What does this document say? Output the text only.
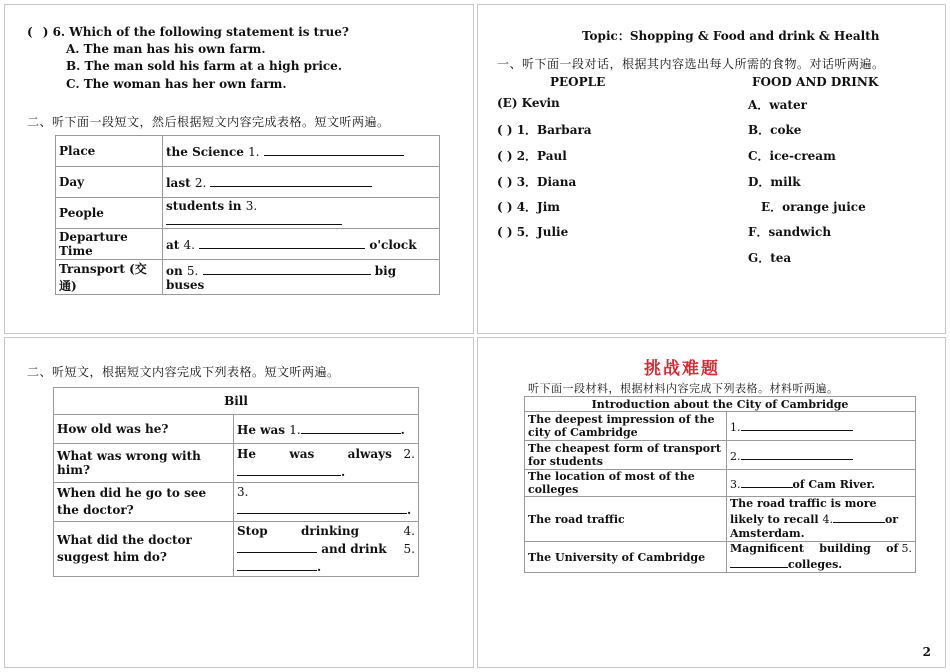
( ) 6. Which of the following statement is true?
A. The man has his own farm.
B. The man sold his farm at a high price.
C. The woman has her own farm.
二、听下面一段短文，然后根据短文内容完成表格。短文听两遍。
Place	the Science 1.
Day	last 2.
People	students in 3.
Departure Time	at 4. o'clock
Transport (交通)	on 5. big buses
Topic：Shopping & Food and drink & Health
一、听下面一段对话，根据其内容选出每人所需的食物。对话听两遍。
PEOPLE	FOOD AND DRINK
(E) Kevin
( ) 1．Barbara
( ) 2．Paul
( ) 3．Diana
( ) 4．Jim
( ) 5．Julie
A．water
B．coke
C．ice-cream
D．milk
E．orange juice
F．sandwich
G．tea
二、听短文，根据短文内容完成下列表格。短文听两遍。
Bill	
How old was he?	He was 1. .
What was wrong with him?	He        was        always 2.

.
When did he go to see the doctor?	3.
.
What did the doctor suggest him do?	Stop        drinking 4.

and drink 5.

.
挑战难题
听下面一段材料，根据材料内容完成下列表格。材料听两遍。
Introduction about the City of Cambridge	
The deepest impression of the city of Cambridge	1.
The cheapest form of transport for students	2.
The location of most of the colleges	3. of Cam River.
The road traffic	The road traffic is more likely to recall 4. or Amsterdam.
The University of Cambridge	Magnificent    building    of 5.

colleges.
2
